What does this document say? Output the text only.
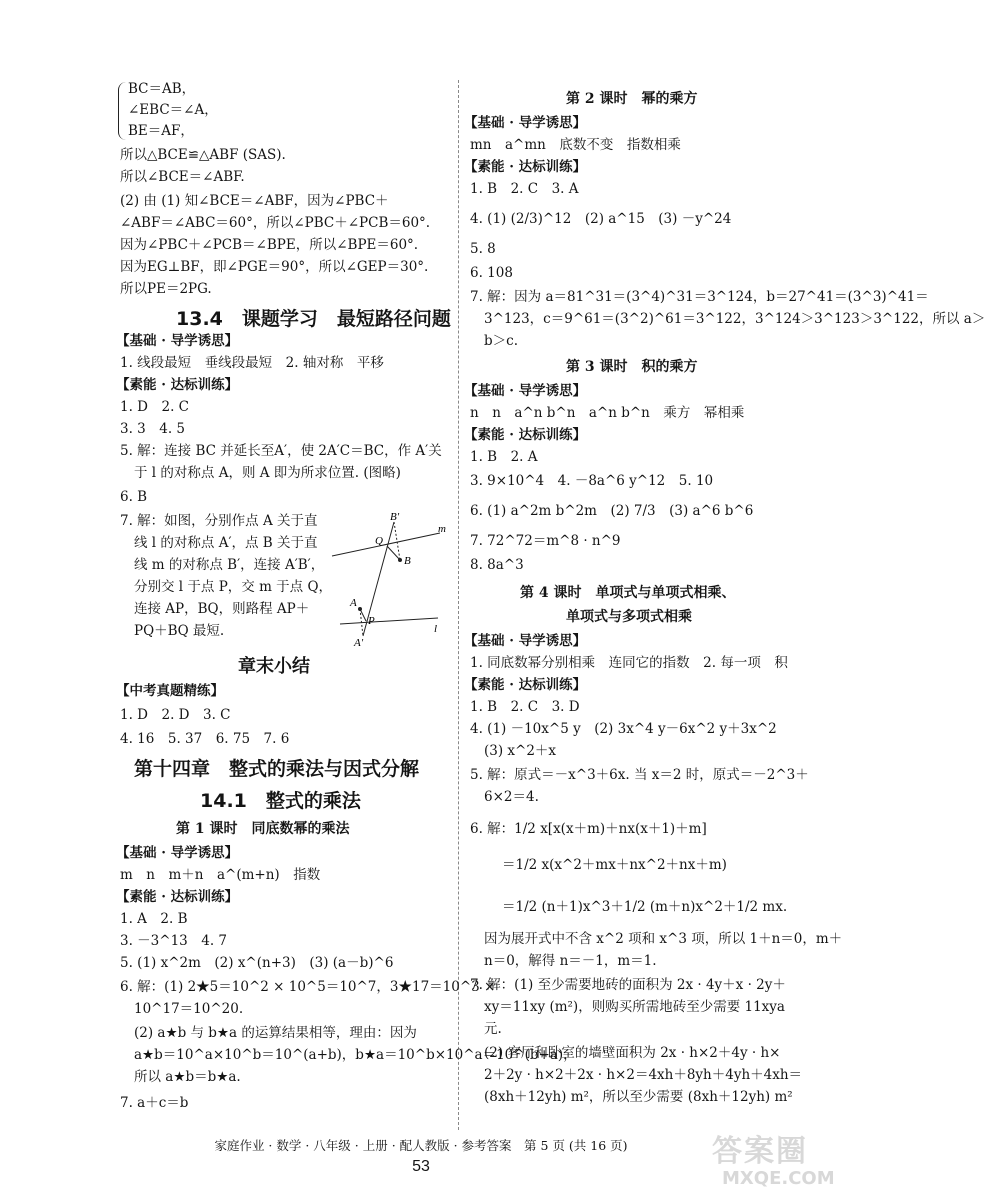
BC＝AB，
∠EBC＝∠A，
BE＝AF，
所以△BCE≌△ABF (SAS).
所以∠BCE＝∠ABF.
(2) 由 (1) 知∠BCE＝∠ABF，因为∠PBC＋
∠ABF＝∠ABC＝60°，所以∠PBC＋∠PCB＝60°.
因为∠PBC＋∠PCB＝∠BPE，所以∠BPE＝60°.
因为EG⊥BF，即∠PGE＝90°，所以∠GEP＝30°.
所以PE＝2PG.
13.4　课题学习　最短路径问题
【基础 · 导学诱思】
1. 线段最短　垂线段最短　2. 轴对称　平移
【素能 · 达标训练】
1. D　2. C
3. 3　4. 5
5. 解：连接 BC 并延长至A′，使 2A′C＝BC，作 A′关
于 l 的对称点 A，则 A 即为所求位置. (图略)
6. B
7. 解：如图，分别作点 A 关于直
线 l 的对称点 A′，点 B 关于直
线 m 的对称点 B′，连接 A′B′，
分别交 l 于点 P，交 m 于点 Q，
连接 AP，BQ，则路程 AP＋
PQ＋BQ 最短.
B′
Q
B
m
A
P
A′
l
章末小结
【中考真题精练】
1. D　2. D　3. C
4. 16　5. 37　6. 75　7. 6
第十四章　整式的乘法与因式分解
14.1　整式的乘法
第 1 课时　同底数幂的乘法
【基础 · 导学诱思】
m　n　m＋n　a^(m+n)　指数
【素能 · 达标训练】
1. A　2. B
3. －3^13　4. 7
5. (1) x^2m　(2) x^(n+3)　(3) (a－b)^6
6. 解：(1) 2★5＝10^2 × 10^5＝10^7，3★17＝10^3 ×
10^17＝10^20.
(2) a★b 与 b★a 的运算结果相等，理由：因为
a★b＝10^a×10^b＝10^(a+b)，b★a＝10^b×10^a＝10^(b+a)，
所以 a★b＝b★a.
7. a＋c＝b
第 2 课时　幂的乘方
【基础 · 导学诱思】
mn　a^mn　底数不变　指数相乘
【素能 · 达标训练】
1. B　2. C　3. A
4. (1) (2/3)^12　(2) a^15　(3) －y^24
5. 8
6. 108
7. 解：因为 a＝81^31＝(3^4)^31＝3^124，b＝27^41＝(3^3)^41＝
3^123，c＝9^61＝(3^2)^61＝3^122，3^124＞3^123＞3^122，所以 a＞
b＞c.
第 3 课时　积的乘方
【基础 · 导学诱思】
n　n　a^n b^n　a^n b^n　乘方　幂相乘
【素能 · 达标训练】
1. B　2. A
3. 9×10^4　4. －8a^6 y^12　5. 10
6. (1) a^2m b^2m　(2) 7/3　(3) a^6 b^6
7. 72^72＝m^8 · n^9
8. 8a^3
第 4 课时　单项式与单项式相乘、
单项式与多项式相乘
【基础 · 导学诱思】
1. 同底数幂分别相乘　连同它的指数　2. 每一项　积
【素能 · 达标训练】
1. B　2. C　3. D
4. (1) －10x^5 y　(2) 3x^4 y－6x^2 y＋3x^2
(3) x^2＋x
5. 解：原式＝－x^3＋6x. 当 x＝2 时，原式＝－2^3＋
6×2＝4.
6. 解：1/2 x[x(x＋m)＋nx(x＋1)＋m]
＝1/2 x(x^2＋mx＋nx^2＋nx＋m)
＝1/2 (n＋1)x^3＋1/2 (m＋n)x^2＋1/2 mx.
因为展开式中不含 x^2 项和 x^3 项，所以 1＋n＝0，m＋
n＝0，解得 n＝－1，m＝1.
7. 解：(1) 至少需要地砖的面积为 2x · 4y＋x · 2y＋
xy＝11xy (m²)，则购买所需地砖至少需要 11xya
元.
(2) 客厅和卧室的墙壁面积为 2x · h×2＋4y · h×
2＋2y · h×2＋2x · h×2＝4xh＋8yh＋4yh＋4xh＝
(8xh＋12yh) m²，所以至少需要 (8xh＋12yh) m²
家庭作业 · 数学 · 八年级 · 上册 · 配人教版 · 参考答案　第 5 页 (共 16 页)
53	答案圈
MXQE.COM
